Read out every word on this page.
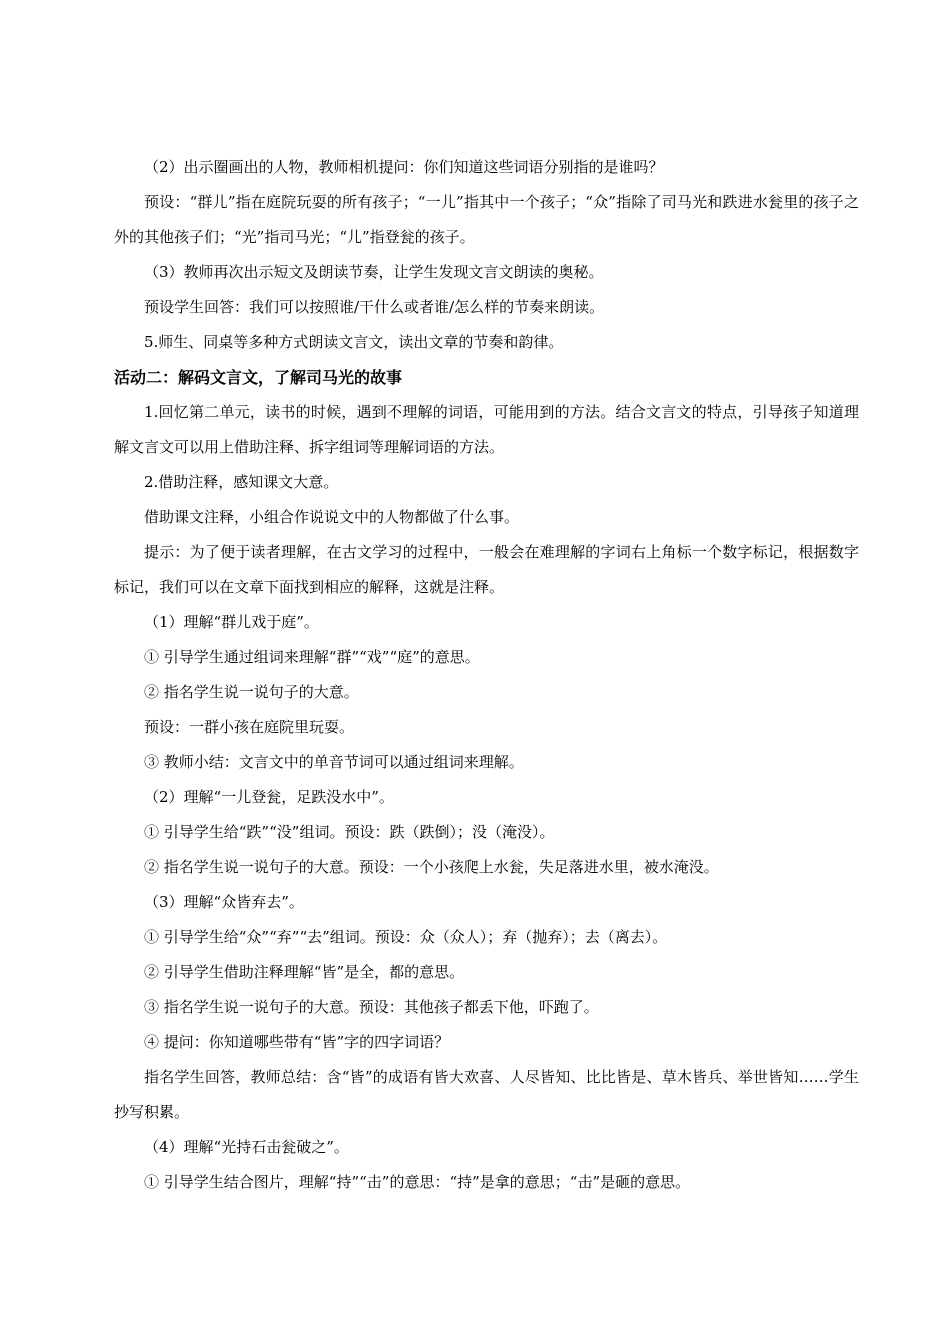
（2）出示圈画出的人物，教师相机提问：你们知道这些词语分别指的是谁吗？

预设：“群儿”指在庭院玩耍的所有孩子；“一儿”指其中一个孩子；“众”指除了司马光和跌进水瓮里的孩子之外的其他孩子们；“光”指司马光；“儿”指登瓮的孩子。

（3）教师再次出示短文及朗读节奏，让学生发现文言文朗读的奥秘。

预设学生回答：我们可以按照谁/干什么或者谁/怎么样的节奏来朗读。

5.师生、同桌等多种方式朗读文言文，读出文章的节奏和韵律。

活动二：解码文言文，了解司马光的故事

1.回忆第二单元，读书的时候，遇到不理解的词语，可能用到的方法。结合文言文的特点，引导孩子知道理解文言文可以用上借助注释、拆字组词等理解词语的方法。

2.借助注释，感知课文大意。

借助课文注释，小组合作说说文中的人物都做了什么事。

提示：为了便于读者理解，在古文学习的过程中，一般会在难理解的字词右上角标一个数字标记，根据数字标记，我们可以在文章下面找到相应的解释，这就是注释。

（1）理解“群儿戏于庭”。

① 引导学生通过组词来理解“群”“戏”“庭”的意思。

② 指名学生说一说句子的大意。

预设：一群小孩在庭院里玩耍。

③ 教师小结：文言文中的单音节词可以通过组词来理解。

（2）理解“一儿登瓮，足跌没水中”。

① 引导学生给“跌”“没”组词。预设：跌（跌倒）；没（淹没）。

② 指名学生说一说句子的大意。预设：一个小孩爬上水瓮，失足落进水里，被水淹没。

（3）理解“众皆弃去”。

① 引导学生给“众”“弃”“去”组词。预设：众（众人）；弃（抛弃）；去（离去）。

② 引导学生借助注释理解“皆”是全，都的意思。

③ 指名学生说一说句子的大意。预设：其他孩子都丢下他，吓跑了。

④ 提问：你知道哪些带有“皆”字的四字词语？

指名学生回答，教师总结：含“皆”的成语有皆大欢喜、人尽皆知、比比皆是、草木皆兵、举世皆知……学生抄写积累。

（4）理解“光持石击瓮破之”。

① 引导学生结合图片，理解“持”“击”的意思：“持”是拿的意思；“击”是砸的意思。
